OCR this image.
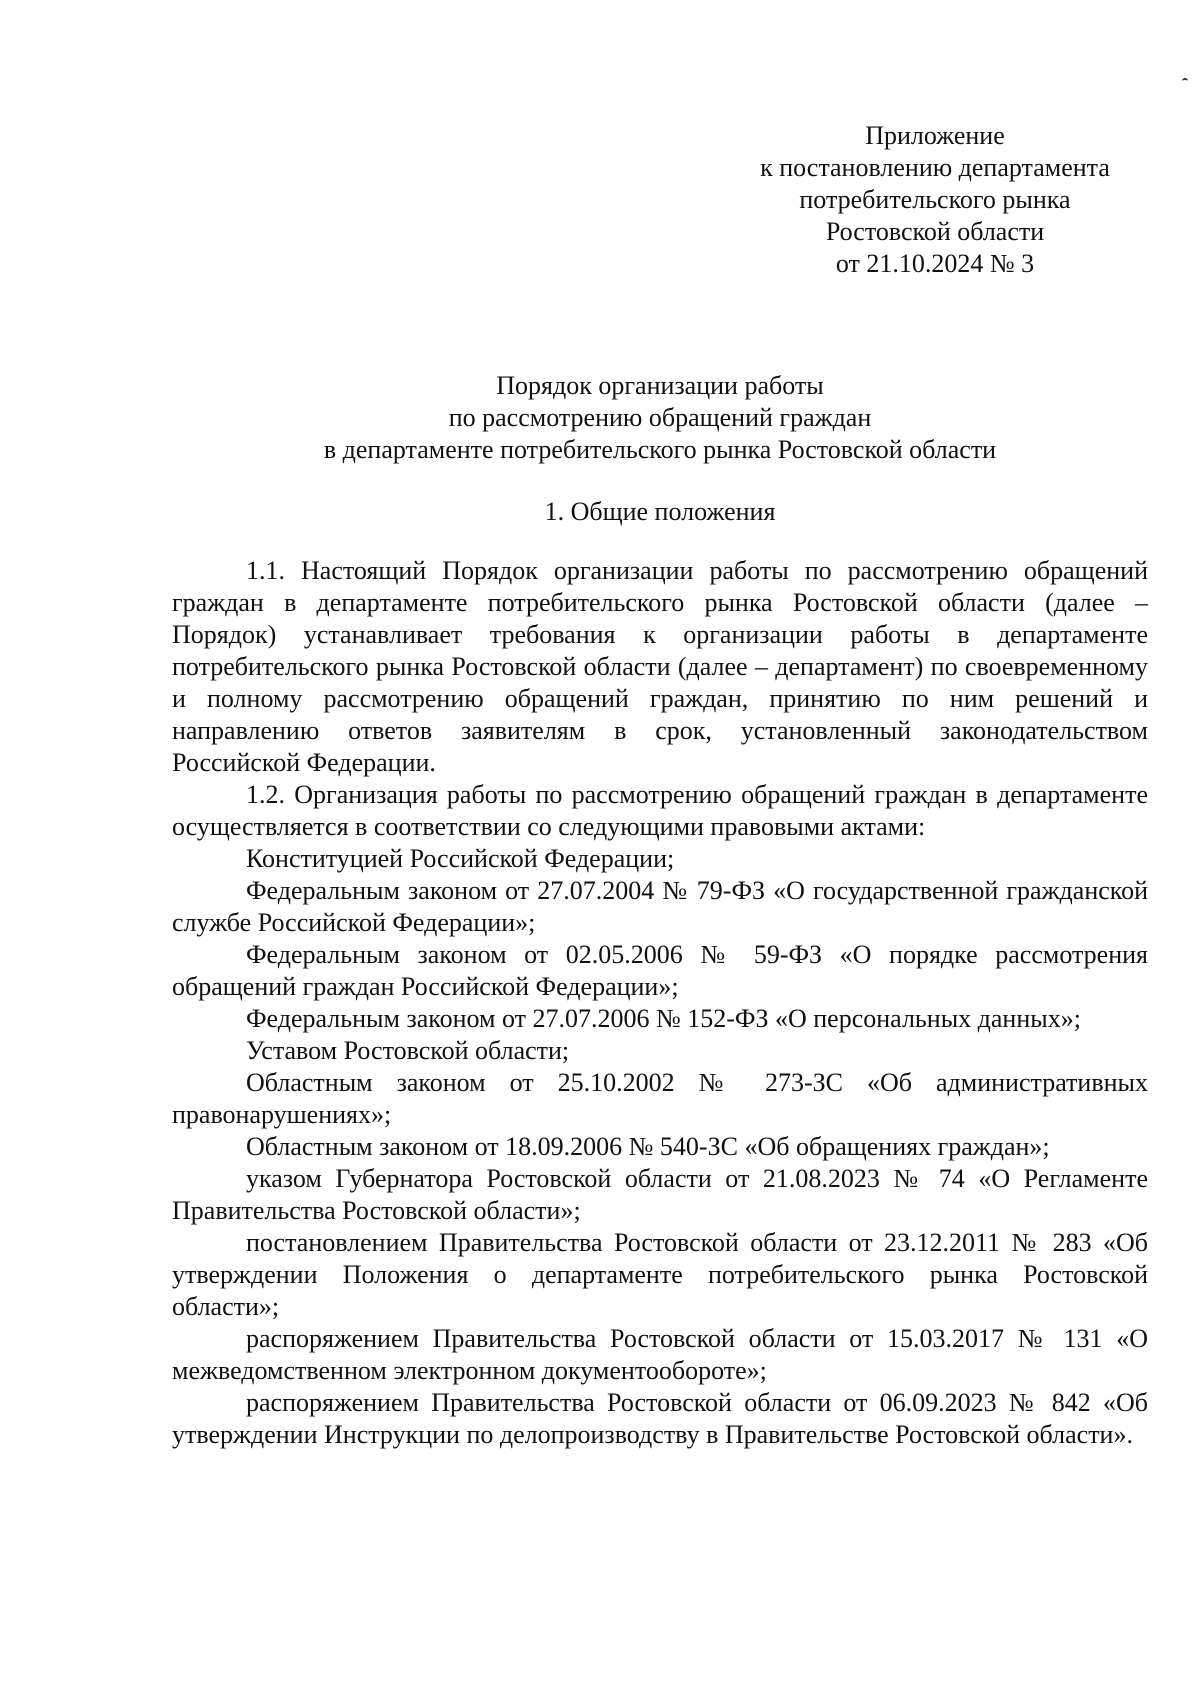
Приложение
к постановлению департамента
потребительского рынка
Ростовской области
от 21.10.2024 № 3
Порядок организации работы
по рассмотрению обращений граждан
в департаменте потребительского рынка Ростовской области
1. Общие положения

1.1. Настоящий Порядок организации работы по рассмотрению обращений граждан в департаменте потребительского рынка Ростовской области (далее – Порядок) устанавливает требования к организации работы в департаменте потребительского рынка Ростовской области (далее – департамент) по своевременному и полному рассмотрению обращений граждан, принятию по ним решений и направлению ответов заявителям в срок, установленный законодательством Российской Федерации.

1.2. Организация работы по рассмотрению обращений граждан в департаменте осуществляется в соответствии со следующими правовыми актами:

Конституцией Российской Федерации;

Федеральным законом от 27.07.2004 № 79-ФЗ «О государственной гражданской службе Российской Федерации»;

Федеральным законом от 02.05.2006 № 59-ФЗ «О порядке рассмотрения обращений граждан Российской Федерации»;

Федеральным законом от 27.07.2006 № 152-ФЗ «О персональных данных»;

Уставом Ростовской области;

Областным законом от 25.10.2002 № 273-ЗС «Об административных правонарушениях»;

Областным законом от 18.09.2006 № 540-ЗС «Об обращениях граждан»;

указом Губернатора Ростовской области от 21.08.2023 № 74 «О Регламенте Правительства Ростовской области»;

постановлением Правительства Ростовской области от 23.12.2011 № 283 «Об утверждении Положения о департаменте потребительского рынка Ростовской области»;

распоряжением Правительства Ростовской области от 15.03.2017 № 131 «О межведомственном электронном документообороте»;

распоряжением Правительства Ростовской области от 06.09.2023 № 842 «Об утверждении Инструкции по делопроизводству в Правительстве Ростовской области».
